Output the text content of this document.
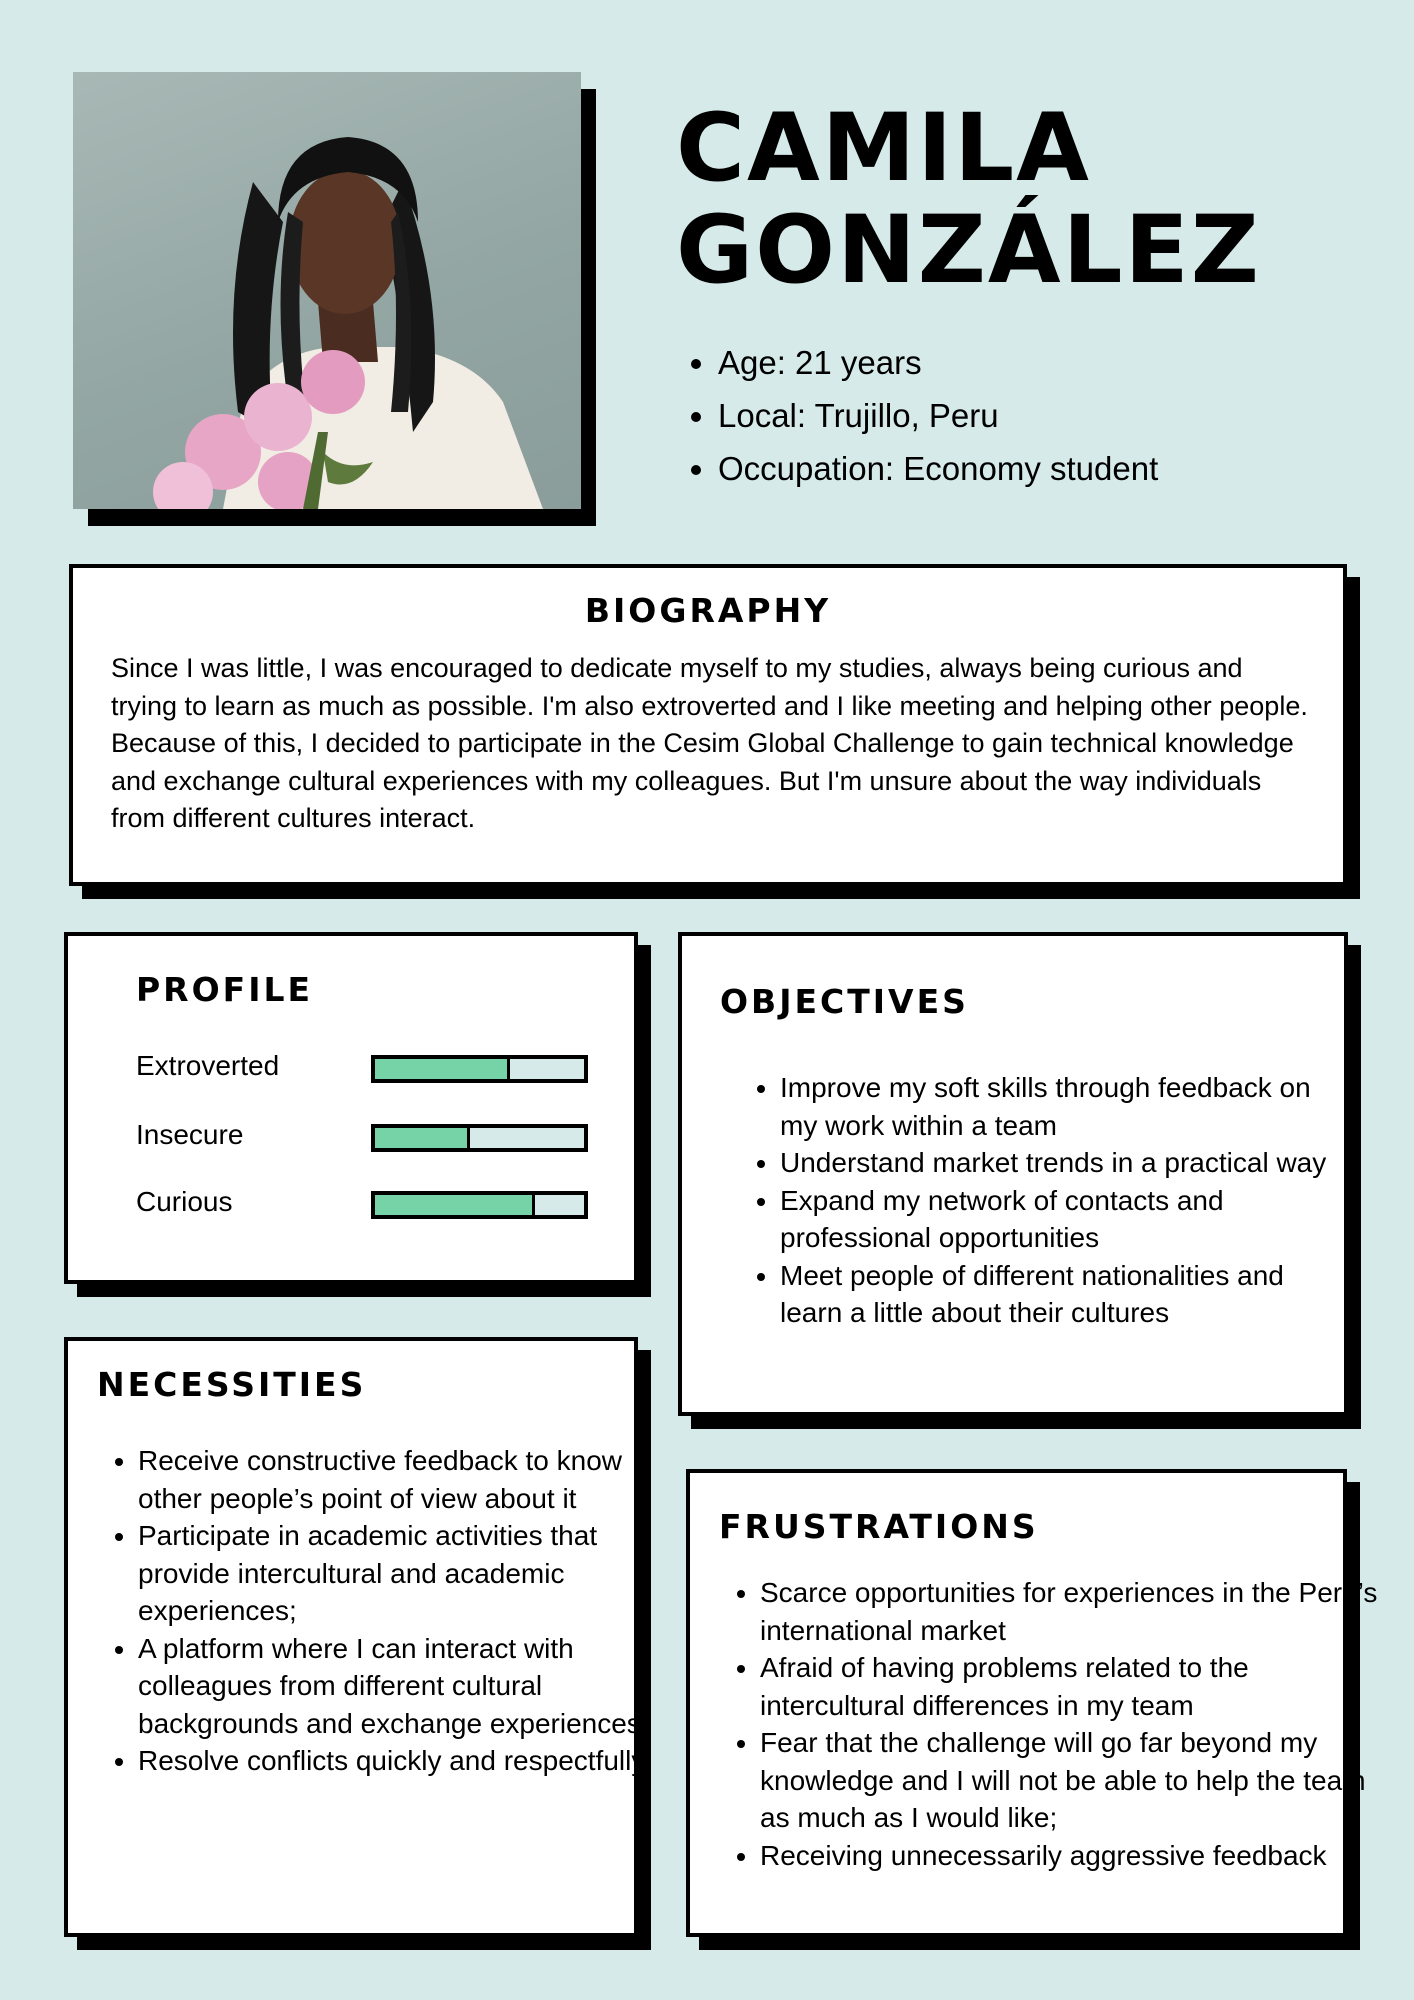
CAMILA
GONZÁLEZ
• Age: 21 years
• Local: Trujillo, Peru
• Occupation: Economy student
BIOGRAPHY

Since I was little, I was encouraged to dedicate myself to my studies, always being curious and trying to learn as much as possible. I'm also extroverted and I like meeting and helping other people. Because of this, I decided to participate in the Cesim Global Challenge to gain technical knowledge and exchange cultural experiences with my colleagues. But I'm unsure about the way individuals from different cultures interact.

PROFILE
Extroverted
Insecure
Curious
OBJECTIVES
• Improve my soft skills through feedback on my work within a team
• Understand market trends in a practical way
• Expand my network of contacts and professional opportunities
• Meet people of different nationalities and learn a little about their cultures
NECESSITIES
• Receive constructive feedback to know other people’s point of view about it
• Participate in academic activities that provide intercultural and academic experiences;
• A platform where I can interact with colleagues from different cultural backgrounds and exchange experiences
• Resolve conflicts quickly and respectfully
FRUSTRATIONS
• Scarce opportunities for experiences in the Peru’s international market
• Afraid of having problems related to the intercultural differences in my team
• Fear that the challenge will go far beyond my knowledge and I will not be able to help the team as much as I would like;
• Receiving unnecessarily aggressive feedback
